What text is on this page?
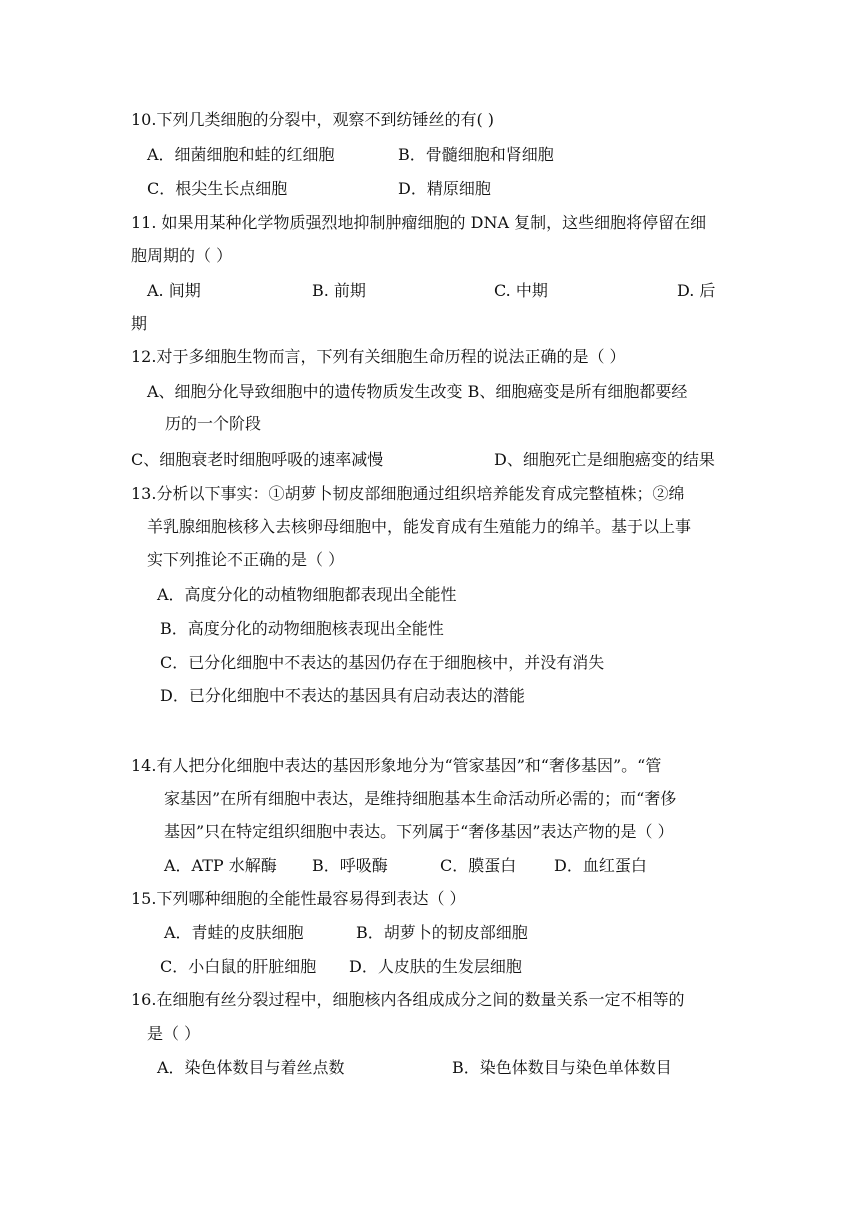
10.下列几类细胞的分裂中，观察不到纺锤丝的有( )
A．细菌细胞和蛙的红细胞	B．骨髓细胞和肾细胞
C．根尖生长点细胞	D．精原细胞
11. 如果用某种化学物质强烈地抑制肿瘤细胞的 DNA 复制，这些细胞将停留在细
胞周期的（ ）
A. 间期	B. 前期	C. 中期	D. 后
期
12.对于多细胞生物而言，下列有关细胞生命历程的说法正确的是（ ）
A、细胞分化导致细胞中的遗传物质发生改变 B、细胞癌变是所有细胞都要经
历的一个阶段
C、细胞衰老时细胞呼吸的速率减慢	D、细胞死亡是细胞癌变的结果
13.分析以下事实：①胡萝卜韧皮部细胞通过组织培养能发育成完整植株；②绵
羊乳腺细胞核移入去核卵母细胞中，能发育成有生殖能力的绵羊。基于以上事
实下列推论不正确的是（ ）
A．高度分化的动植物细胞都表现出全能性
B．高度分化的动物细胞核表现出全能性
C．已分化细胞中不表达的基因仍存在于细胞核中，并没有消失
D．已分化细胞中不表达的基因具有启动表达的潜能
14.有人把分化细胞中表达的基因形象地分为“管家基因”和“奢侈基因”。“管
家基因”在所有细胞中表达，是维持细胞基本生命活动所必需的；而“奢侈
基因”只在特定组织细胞中表达。下列属于“奢侈基因”表达产物的是（ ）
A．ATP 水解酶 B．呼吸酶	C．膜蛋白 D．血红蛋白
15.下列哪种细胞的全能性最容易得到表达（ ）
A．青蛙的皮肤细胞	B．胡萝卜的韧皮部细胞
C．小白鼠的肝脏细胞 D．人皮肤的生发层细胞
16.在细胞有丝分裂过程中，细胞核内各组成成分之间的数量关系一定不相等的
是（ ）
A．染色体数目与着丝点数	B．染色体数目与染色单体数目
